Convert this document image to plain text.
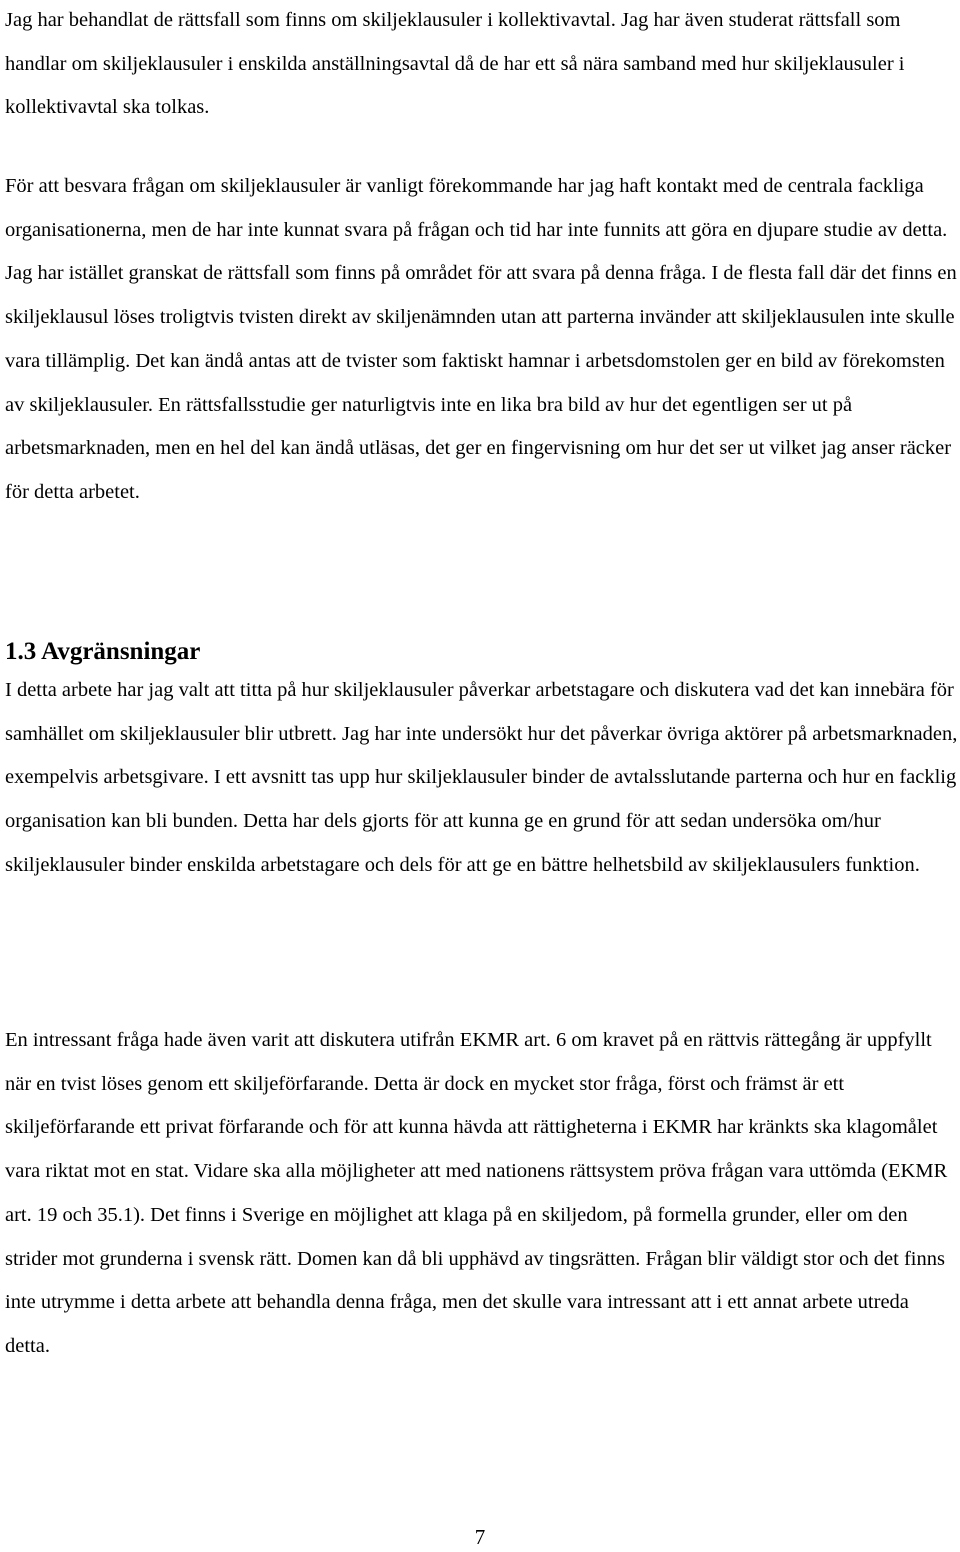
Jag har behandlat de rättsfall som finns om skiljeklausuler i kollektivavtal. Jag har även studerat rättsfall som handlar om skiljeklausuler i enskilda anställningsavtal då de har ett så nära samband med hur skiljeklausuler i kollektivavtal ska tolkas.

För att besvara frågan om skiljeklausuler är vanligt förekommande har jag haft kontakt med de centrala fackliga organisationerna, men de har inte kunnat svara på frågan och tid har inte funnits att göra en djupare studie av detta. Jag har istället granskat de rättsfall som finns på området för att svara på denna fråga. I de flesta fall där det finns en skiljeklausul löses troligtvis tvisten direkt av skiljenämnden utan att parterna invänder att skiljeklausulen inte skulle vara tillämplig. Det kan ändå antas att de tvister som faktiskt hamnar i arbetsdomstolen ger en bild av förekomsten av skiljeklausuler. En rättsfallsstudie ger naturligtvis inte en lika bra bild av hur det egentligen ser ut på arbetsmarknaden, men en hel del kan ändå utläsas, det ger en fingervisning om hur det ser ut vilket jag anser räcker för detta arbetet.

1.3 Avgränsningar

I detta arbete har jag valt att titta på hur skiljeklausuler påverkar arbetstagare och diskutera vad det kan innebära för samhället om skiljeklausuler blir utbrett. Jag har inte undersökt hur det påverkar övriga aktörer på arbetsmarknaden, exempelvis arbetsgivare. I ett avsnitt tas upp hur skiljeklausuler binder de avtalsslutande parterna och hur en facklig organisation kan bli bunden. Detta har dels gjorts för att kunna ge en grund för att sedan undersöka om/hur skiljeklausuler binder enskilda arbetstagare och dels för att ge en bättre helhetsbild av skiljeklausulers funktion.

En intressant fråga hade även varit att diskutera utifrån EKMR art. 6 om kravet på en rättvis rättegång är uppfyllt när en tvist löses genom ett skiljeförfarande. Detta är dock en mycket stor fråga, först och främst är ett skiljeförfarande ett privat förfarande och för att kunna hävda att rättigheterna i EKMR har kränkts ska klagomålet vara riktat mot en stat. Vidare ska alla möjligheter att med nationens rättsystem pröva frågan vara uttömda (EKMR art. 19 och 35.1). Det finns i Sverige en möjlighet att klaga på en skiljedom, på formella grunder, eller om den strider mot grunderna i svensk rätt. Domen kan då bli upphävd av tingsrätten. Frågan blir väldigt stor och det finns inte utrymme i detta arbete att behandla denna fråga, men det skulle vara intressant att i ett annat arbete utreda detta.

7
